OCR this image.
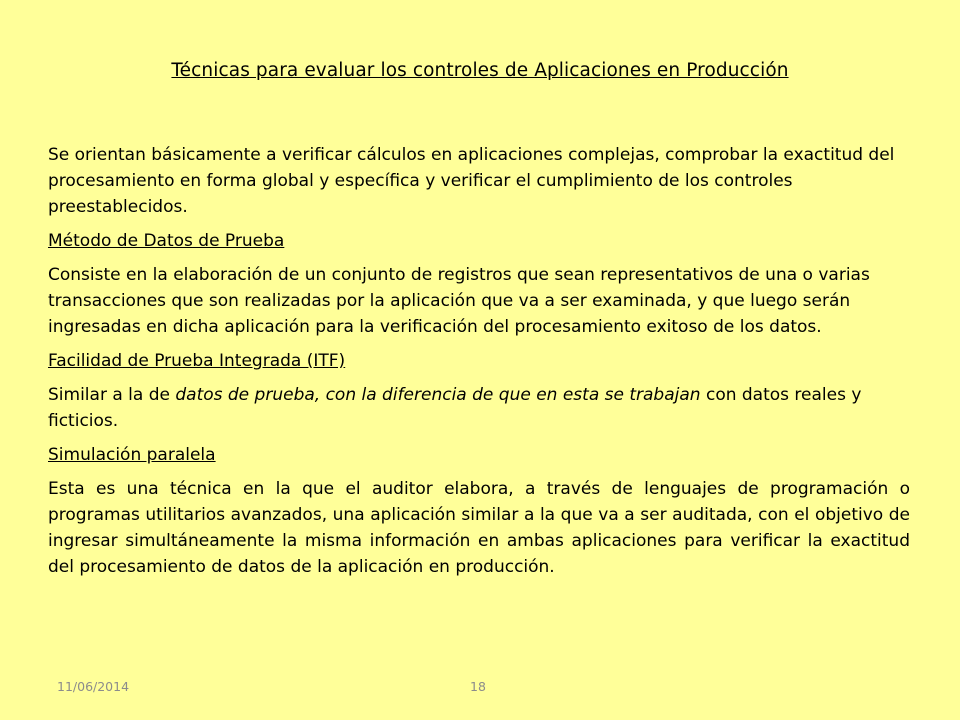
Técnicas para evaluar los controles de Aplicaciones en Producción

Se orientan básicamente a verificar cálculos en aplicaciones complejas, comprobar la exactitud del procesamiento en forma global y específica y verificar el cumplimiento de los controles preestablecidos.

Método de Datos de Prueba

Consiste en la elaboración de un conjunto de registros que sean representativos de una o varias transacciones que son realizadas por la aplicación que va a ser examinada, y que luego serán ingresadas en dicha aplicación para la verificación del procesamiento exitoso de los datos.

Facilidad de Prueba Integrada (ITF)

Similar a la de datos de prueba, con la diferencia de que en esta se trabajan con datos reales y ficticios.

Simulación paralela

Esta es una técnica en la que el auditor elabora, a través de lenguajes de programación o programas utilitarios avanzados, una aplicación similar a la que va a ser auditada, con el objetivo de ingresar simultáneamente la misma información en ambas aplicaciones para verificar la exactitud del procesamiento de datos de la aplicación en producción.

11/06/2014	18
